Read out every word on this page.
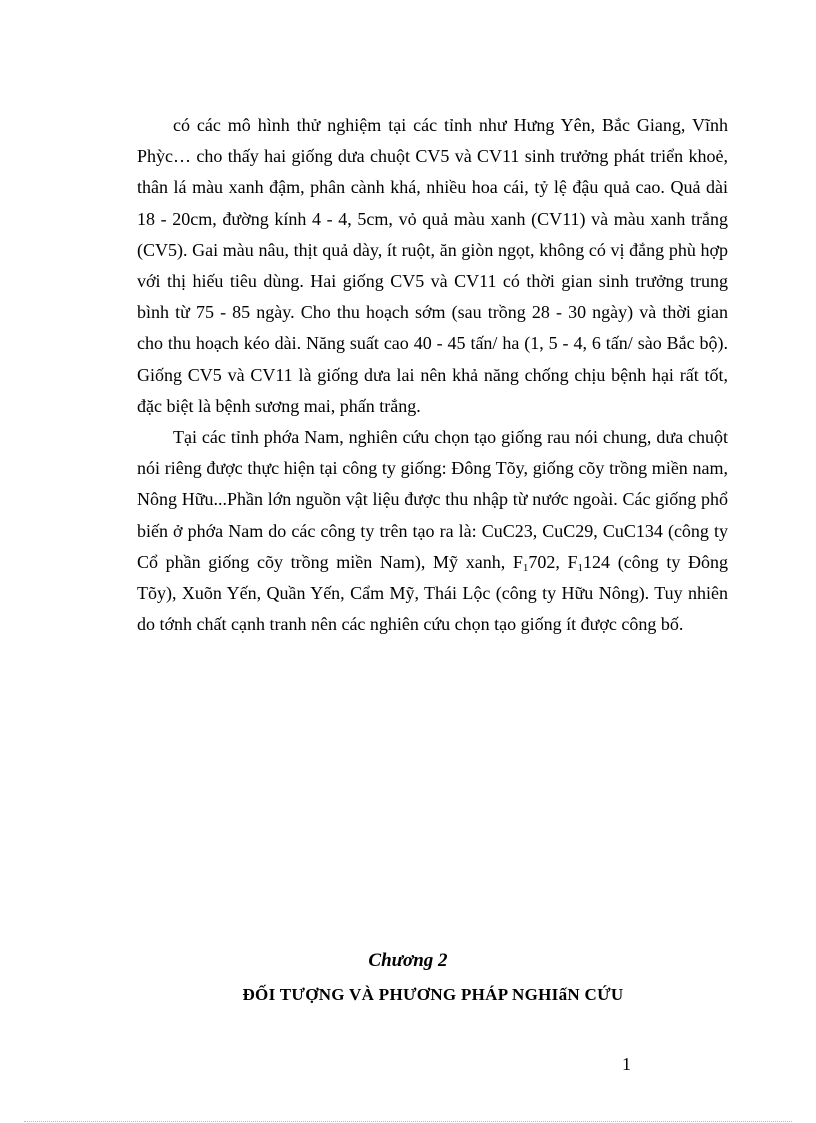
có các mô hình thử nghiệm tại các tỉnh như Hưng Yên, Bắc Giang, Vĩnh Phỳc… cho thấy hai giống dưa chuột CV5 và CV11 sinh trưởng phát triển khoẻ, thân lá màu xanh đậm, phân cành khá, nhiều hoa cái, tỷ lệ đậu quả cao. Quả dài 18 - 20cm, đường kính 4 - 4, 5cm, vỏ quả màu xanh (CV11) và màu xanh trắng (CV5). Gai màu nâu, thịt quả dày, ít ruột, ăn giòn ngọt, không có vị đắng phù hợp với thị hiếu tiêu dùng. Hai giống CV5 và CV11 có thời gian sinh trưởng trung bình từ 75 - 85 ngày. Cho thu hoạch sớm (sau trồng 28 - 30 ngày) và thời gian cho thu hoạch kéo dài. Năng suất cao 40 - 45 tấn/ ha (1, 5 - 4, 6 tấn/ sào Bắc bộ). Giống CV5 và CV11 là giống dưa lai nên khả năng chống chịu bệnh hại rất tốt, đặc biệt là bệnh sương mai, phấn trắng.

Tại các tỉnh phớa Nam, nghiên cứu chọn tạo giống rau nói chung, dưa chuột nói riêng được thực hiện tại công ty giống: Đông Tõy, giống cõy trồng miền nam, Nông Hữu...Phần lớn nguồn vật liệu được thu nhập từ nước ngoài. Các giống phổ biến ở phớa Nam do các công ty trên tạo ra là: CuC23, CuC29, CuC134 (công ty Cổ phần giống cõy trồng miền Nam), Mỹ xanh, $F_1702$, $F_1124$ (công ty Đông Tõy), Xuõn Yến, Quần Yến, Cẩm Mỹ, Thái Lộc (công ty Hữu Nông). Tuy nhiên do tớnh chất cạnh tranh nên các nghiên cứu chọn tạo giống ít được công bố.

Chương 2
ĐỐI TƯỢNG VÀ PHƯƠNG PHÁP NGHIấN CỨU
1
